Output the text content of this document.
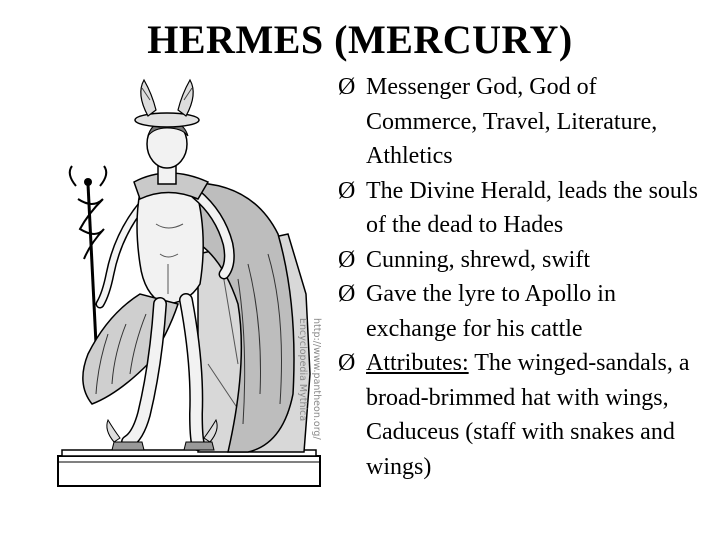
HERMES (MERCURY)
Encyclopedia Mythica http://www.pantheon.org/
Ø Messenger God, God of Commerce, Travel, Literature, Athletics
Ø The Divine Herald, leads the souls of the dead to Hades
Ø Cunning, shrewd, swift
Ø Gave the lyre to Apollo in exchange for his cattle
Ø Attributes: The winged-sandals, a broad-brimmed hat with wings, Caduceus (staff with snakes and wings)
